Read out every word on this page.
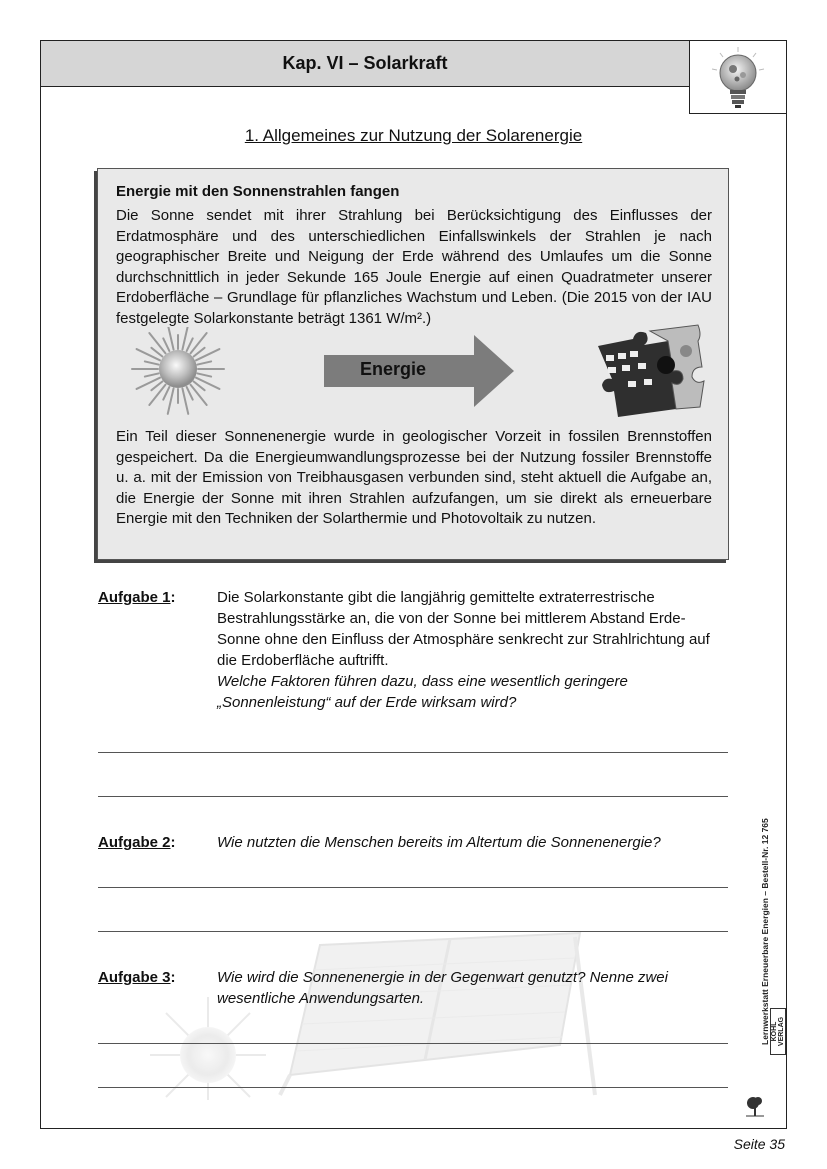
Kap. VI – Solarkraft
1. Allgemeines zur Nutzung der Solarenergie
Energie mit den Sonnenstrahlen fangen

Die Sonne sendet mit ihrer Strahlung bei Berücksichtigung des Einflusses der Erdatmosphäre und des unterschiedlichen Einfallswinkels der Strahlen je nach geographischer Breite und Neigung der Erde während des Umlaufes um die Sonne durchschnittlich in jeder Sekunde 165 Joule Energie auf einen Quadratmeter unserer Erdoberfläche – Grundlage für pflanzliches Wachstum und Leben. (Die 2015 von der IAU festgelegte Solarkonstante beträgt 1361 W/m².)

Energie

Ein Teil dieser Sonnenenergie wurde in geologischer Vorzeit in fossilen Brennstoffen gespeichert. Da die Energieumwandlungsprozesse bei der Nutzung fossiler Brennstoffe u. a. mit der Emission von Treibhausgasen verbunden sind, steht aktuell die Aufgabe an, die Energie der Sonne mit ihren Strahlen aufzufangen, um sie direkt als erneuerbare Energie mit den Techniken der Solarthermie und Photovoltaik zu nutzen.

Aufgabe 1:	Die Solarkonstante gibt die langjährig gemittelte extraterrestrische Bestrahlungsstärke an, die von der Sonne bei mittlerem Abstand Erde-Sonne ohne den Einfluss der Atmosphäre senkrecht zur Strahlrichtung auf die Erdoberfläche auftrifft.
Welche Faktoren führen dazu, dass eine wesentlich geringere „Sonnenleistung“ auf der Erde wirksam wird?
Aufgabe 2:	Wie nutzten die Menschen bereits im Altertum die Sonnenenergie?
Aufgabe 3:	Wie wird die Sonnenenergie in der Gegenwart genutzt? Nenne zwei wesentliche Anwendungsarten.	Lernwerkstatt Erneuerbare Energien – Bestell-Nr. 12 765 KOHL VERLAG
Seite 35
